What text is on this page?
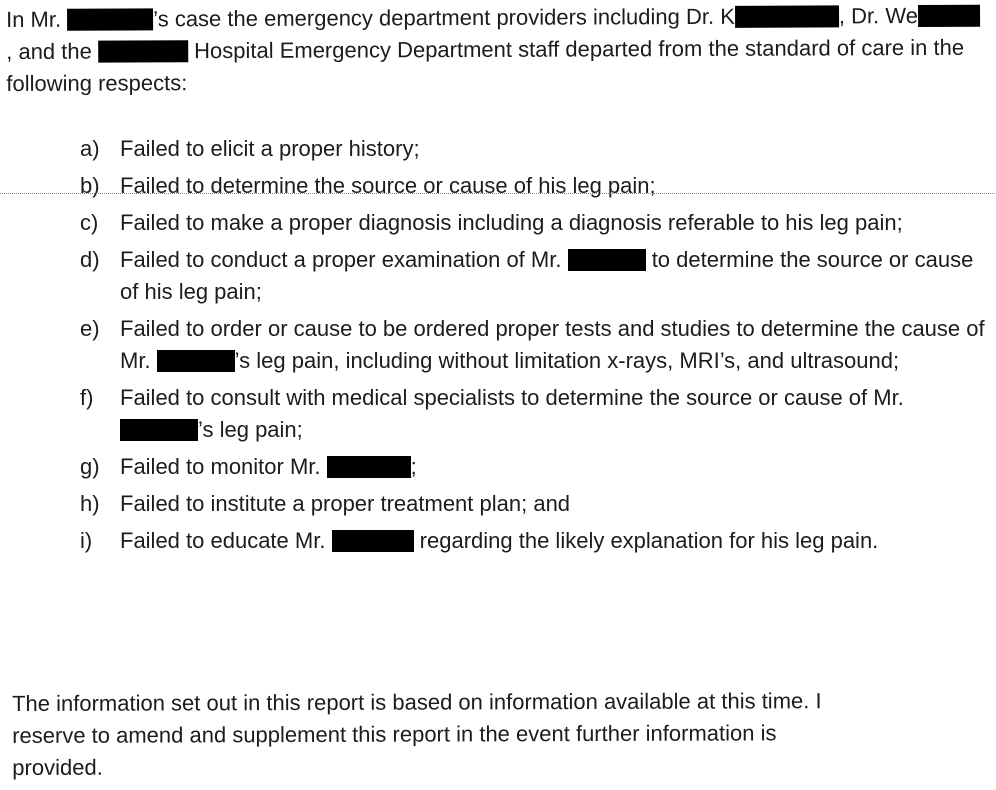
In Mr.	’s case the emergency department providers including Dr. K	, Dr. We, and the	Hospital Emergency Department staff departed from the standard of care in the following respects:

a) Failed to elicit a proper history;
b) Failed to determine the source or cause of his leg pain;
c) Failed to make a proper diagnosis including a diagnosis referable to his leg pain;
d) Failed to conduct a proper examination of Mr.	to determine the source or cause of his leg pain;
e) Failed to order or cause to be ordered proper tests and studies to determine the cause of Mr.	’s leg pain, including without limitation x-rays, MRI’s, and ultrasound;
f)	Failed to consult with medical specialists to determine the source or cause of Mr. ’s leg pain;
g) Failed to monitor Mr.	;
h) Failed to institute a proper treatment plan; and
i)	Failed to educate Mr.	regarding the likely explanation for his leg pain.

The information set out in this report is based on information available at this time. I
reserve to amend and supplement this report in the event further information is
provided.
